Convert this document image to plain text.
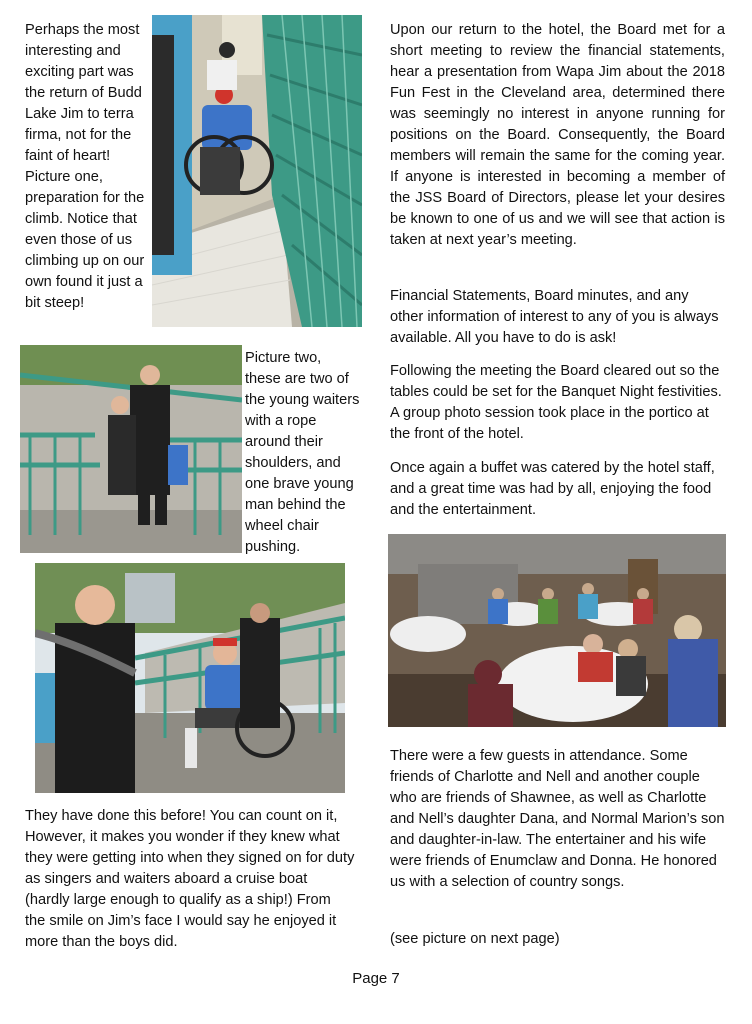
Perhaps the most interesting and exciting part was the return of Budd Lake Jim to terra firma, not for the faint of heart! Picture one, preparation for the climb. Notice that even those of us climbing up on our own found it just a bit steep!

Picture two, these are two of the young waiters with a rope around their shoulders, and one brave young man behind the wheel chair pushing.

They have done this before! You can count on it, However, it makes you wonder if they knew what they were getting into when they signed on for duty as singers and waiters aboard a cruise boat (hardly large enough to qualify as a ship!) From the smile on Jim’s face I would say he enjoyed it more than the boys did.

Upon our return to the hotel, the Board met for a short meeting to review the financial statements, hear a presentation from Wapa Jim about the 2018 Fun Fest in the Cleveland area, determined there was seemingly no interest in anyone running for positions on the Board. Consequently, the Board members will remain the same for the coming year. If anyone is interested in becoming a member of the JSS Board of Directors, please let your desires be known to one of us and we will see that action is taken at next year’s meeting.

Financial Statements, Board minutes, and any other information of interest to any of you is always available. All you have to do is ask!

Following the meeting the Board cleared out so the tables could be set for the Banquet Night festivities. A group photo session took place in the portico at the front of the hotel.

Once again a buffet was catered by the hotel staff, and a great time was had by all, enjoying the food and the entertainment.

There were a few guests in attendance. Some friends of Charlotte and Nell and another couple who are friends of Shawnee, as well as Charlotte and Nell’s daughter Dana, and Normal Marion’s son and daughter-in-law. The entertainer and his wife were friends of Enumclaw and Donna. He honored us with a selection of country songs.

(see picture on next page)

Page 7
